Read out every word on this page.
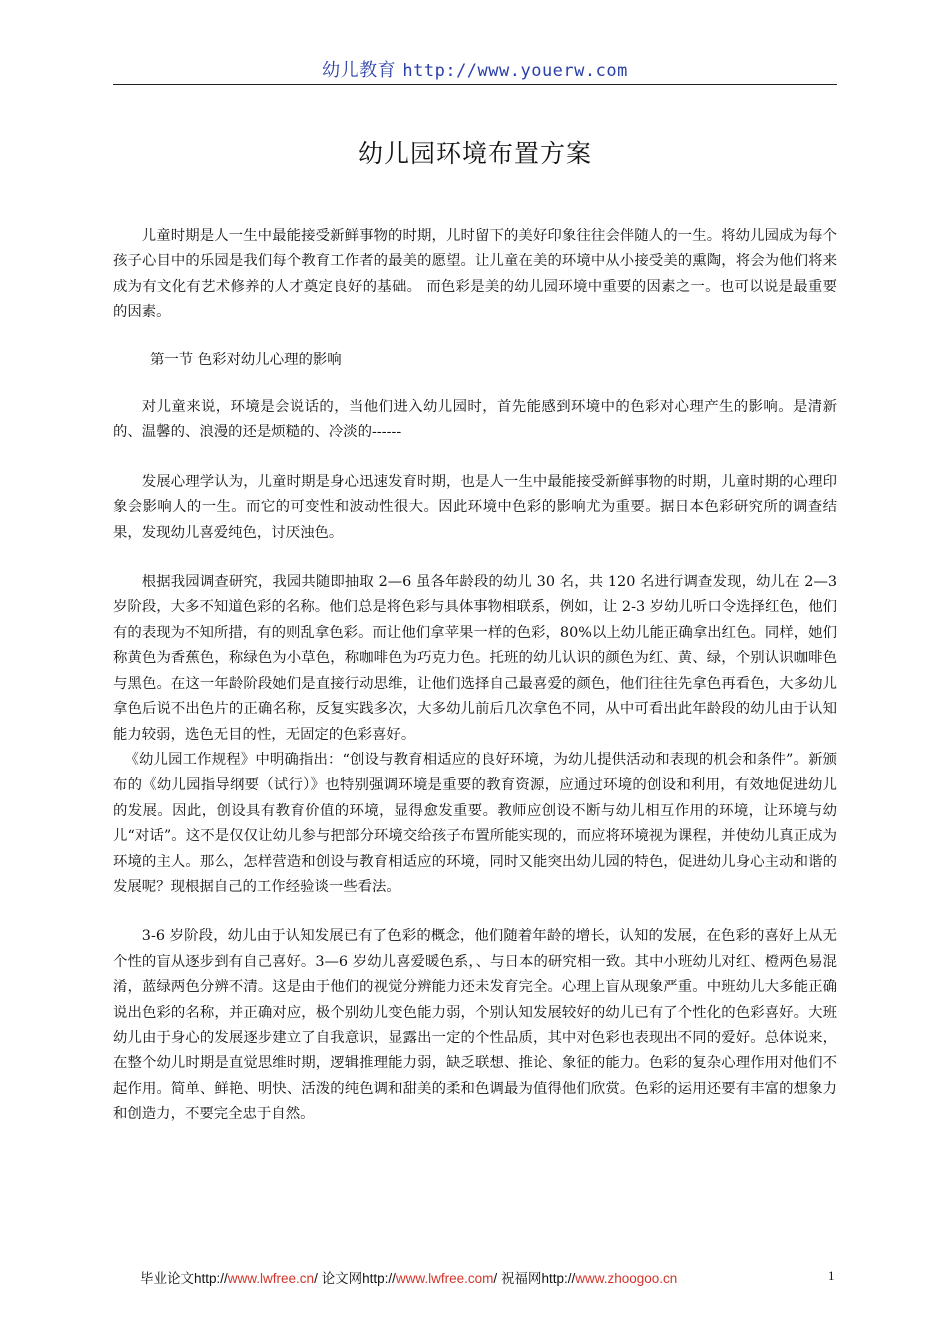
幼儿教育 http://www.youerw.com
幼儿园环境布置方案

儿童时期是人一生中最能接受新鲜事物的时期，儿时留下的美好印象往往会伴随人的一生。将幼儿园成为每个孩子心目中的乐园是我们每个教育工作者的最美的愿望。让儿童在美的环境中从小接受美的熏陶，将会为他们将来成为有文化有艺术修养的人才奠定良好的基础。 而色彩是美的幼儿园环境中重要的因素之一。也可以说是最重要的因素。

第一节 色彩对幼儿心理的影响

对儿童来说，环境是会说话的，当他们进入幼儿园时，首先能感到环境中的色彩对心理产生的影响。是清新的、温馨的、浪漫的还是烦糙的、冷淡的------

发展心理学认为，儿童时期是身心迅速发育时期，也是人一生中最能接受新鲜事物的时期，儿童时期的心理印象会影响人的一生。而它的可变性和波动性很大。因此环境中色彩的影响尤为重要。据日本色彩研究所的调查结果，发现幼儿喜爱纯色，讨厌浊色。

根据我园调查研究，我园共随即抽取 2—6 虽各年龄段的幼儿 30 名，共 120 名进行调查发现，幼儿在 2—3 岁阶段，大多不知道色彩的名称。他们总是将色彩与具体事物相联系，例如，让 2-3 岁幼儿听口令选择红色，他们有的表现为不知所措，有的则乱拿色彩。而让他们拿苹果一样的色彩，80%以上幼儿能正确拿出红色。同样，她们称黄色为香蕉色，称绿色为小草色，称咖啡色为巧克力色。托班的幼儿认识的颜色为红、黄、绿，个别认识咖啡色与黑色。在这一年龄阶段她们是直接行动思维，让他们选择自己最喜爱的颜色，他们往往先拿色再看色，大多幼儿拿色后说不出色片的正确名称，反复实践多次，大多幼儿前后几次拿色不同，从中可看出此年龄段的幼儿由于认知能力较弱，选色无目的性，无固定的色彩喜好。

《幼儿园工作规程》中明确指出：“创设与教育相适应的良好环境，为幼儿提供活动和表现的机会和条件”。新颁布的《幼儿园指导纲要（试行）》也特别强调环境是重要的教育资源，应通过环境的创设和利用，有效地促进幼儿的发展。因此，创设具有教育价值的环境，显得愈发重要。教师应创设不断与幼儿相互作用的环境，让环境与幼儿“对话”。这不是仅仅让幼儿参与把部分环境交给孩子布置所能实现的，而应将环境视为课程，并使幼儿真正成为环境的主人。那么，怎样营造和创设与教育相适应的环境，同时又能突出幼儿园的特色，促进幼儿身心主动和谐的发展呢？现根据自己的工作经验谈一些看法。

3-6 岁阶段，幼儿由于认知发展已有了色彩的概念，他们随着年龄的增长，认知的发展，在色彩的喜好上从无个性的盲从逐步到有自己喜好。3—6 岁幼儿喜爱暖色系，、与日本的研究相一致。其中小班幼儿对红、橙两色易混淆，蓝绿两色分辨不清。这是由于他们的视觉分辨能力还未发育完全。心理上盲从现象严重。中班幼儿大多能正确说出色彩的名称，并正确对应，极个别幼儿变色能力弱，个别认知发展较好的幼儿已有了个性化的色彩喜好。大班幼儿由于身心的发展逐步建立了自我意识，显露出一定的个性品质，其中对色彩也表现出不同的爱好。总体说来，在整个幼儿时期是直觉思维时期，逻辑推理能力弱，缺乏联想、推论、象征的能力。色彩的复杂心理作用对他们不起作用。简单、鲜艳、明快、活泼的纯色调和甜美的柔和色调最为值得他们欣赏。色彩的运用还要有丰富的想象力和创造力，不要完全忠于自然。

毕业论文http://www.lwfree.cn/ 论文网http://www.lwfree.com/ 祝福网http://www.zhoogoo.cn	1
